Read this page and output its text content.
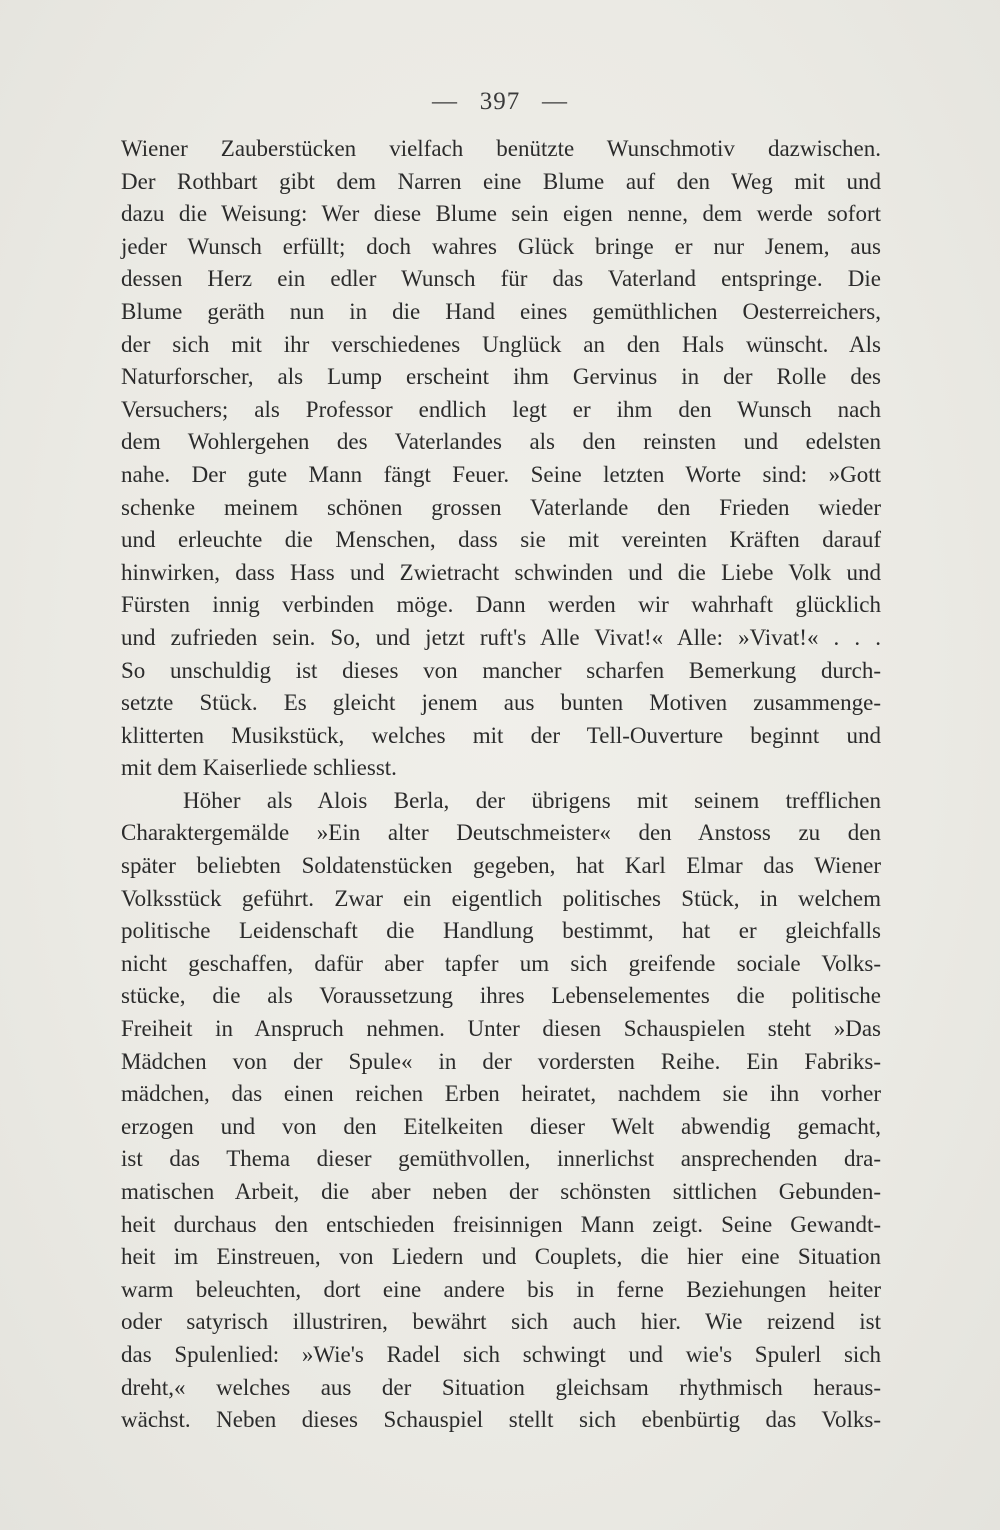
— 397 —
Wiener Zauberstücken vielfach benützte Wunschmotiv dazwischen.
Der Rothbart gibt dem Narren eine Blume auf den Weg mit und
dazu die Weisung: Wer diese Blume sein eigen nenne, dem werde sofort
jeder Wunsch erfüllt; doch wahres Glück bringe er nur Jenem, aus
dessen Herz ein edler Wunsch für das Vaterland entspringe. Die
Blume geräth nun in die Hand eines gemüthlichen Oesterreichers,
der sich mit ihr verschiedenes Unglück an den Hals wünscht. Als
Naturforscher, als Lump erscheint ihm Gervinus in der Rolle des
Versuchers; als Professor endlich legt er ihm den Wunsch nach
dem Wohlergehen des Vaterlandes als den reinsten und edelsten
nahe. Der gute Mann fängt Feuer. Seine letzten Worte sind: »Gott
schenke meinem schönen grossen Vaterlande den Frieden wieder
und erleuchte die Menschen, dass sie mit vereinten Kräften darauf
hinwirken, dass Hass und Zwietracht schwinden und die Liebe Volk und
Fürsten innig verbinden möge. Dann werden wir wahrhaft glücklich
und zufrieden sein. So, und jetzt ruft's Alle Vivat!« Alle: »Vivat!« . . .
So unschuldig ist dieses von mancher scharfen Bemerkung durch-
setzte Stück. Es gleicht jenem aus bunten Motiven zusammenge-
klitterten Musikstück, welches mit der Tell-Ouverture beginnt und
mit dem Kaiserliede schliesst.
Höher als Alois Berla, der übrigens mit seinem trefflichen
Charaktergemälde »Ein alter Deutschmeister« den Anstoss zu den
später beliebten Soldatenstücken gegeben, hat Karl Elmar das Wiener
Volksstück geführt. Zwar ein eigentlich politisches Stück, in welchem
politische Leidenschaft die Handlung bestimmt, hat er gleichfalls
nicht geschaffen, dafür aber tapfer um sich greifende sociale Volks-
stücke, die als Voraussetzung ihres Lebenselementes die politische
Freiheit in Anspruch nehmen. Unter diesen Schauspielen steht »Das
Mädchen von der Spule« in der vordersten Reihe. Ein Fabriks-
mädchen, das einen reichen Erben heiratet, nachdem sie ihn vorher
erzogen und von den Eitelkeiten dieser Welt abwendig gemacht,
ist das Thema dieser gemüthvollen, innerlichst ansprechenden dra-
matischen Arbeit, die aber neben der schönsten sittlichen Gebunden-
heit durchaus den entschieden freisinnigen Mann zeigt. Seine Gewandt-
heit im Einstreuen, von Liedern und Couplets, die hier eine Situation
warm beleuchten, dort eine andere bis in ferne Beziehungen heiter
oder satyrisch illustriren, bewährt sich auch hier. Wie reizend ist
das Spulenlied: »Wie's Radel sich schwingt und wie's Spulerl sich
dreht,« welches aus der Situation gleichsam rhythmisch heraus-
wächst. Neben dieses Schauspiel stellt sich ebenbürtig das Volks-
